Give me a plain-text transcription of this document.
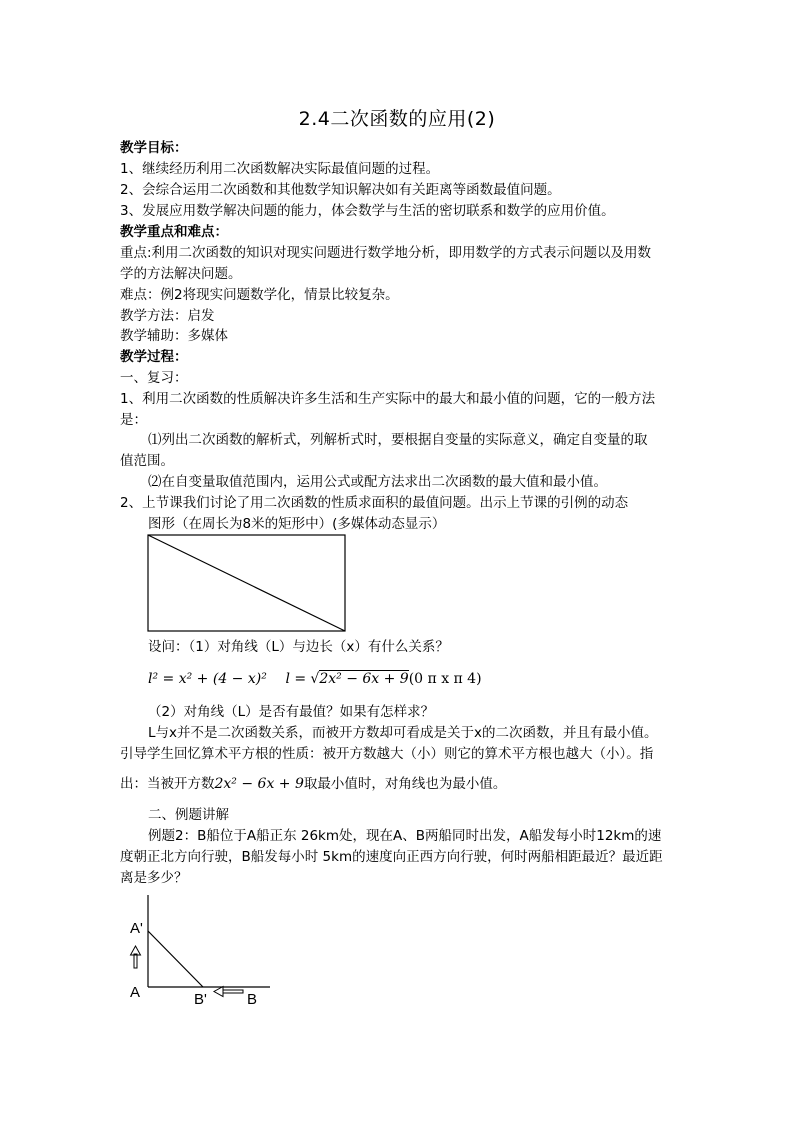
2.4二次函数的应用(2)
教学目标：
1、继续经历利用二次函数解决实际最值问题的过程。
2、会综合运用二次函数和其他数学知识解决如有关距离等函数最值问题。
3、发展应用数学解决问题的能力，体会数学与生活的密切联系和数学的应用价值。
教学重点和难点：
重点:利用二次函数的知识对现实问题进行数学地分析，即用数学的方式表示问题以及用数
学的方法解决问题。
难点：例2将现实问题数学化，情景比较复杂。
教学方法：启发
教学辅助：多媒体
教学过程：
一、复习：
1、利用二次函数的性质解决许多生活和生产实际中的最大和最小值的问题，它的一般方法
是：
⑴列出二次函数的解析式，列解析式时，要根据自变量的实际意义，确定自变量的取
值范围。
⑵在自变量取值范围内，运用公式或配方法求出二次函数的最大值和最小值。
2、上节课我们讨论了用二次函数的性质求面积的最值问题。出示上节课的引例的动态
图形（在周长为8米的矩形中）(多媒体动态显示）
设问：（1）对角线（L）与边长（x）有什么关系？
l² = x² + (4 − x)² l = √2x² − 6x + 9(0 π x π 4)
（2）对角线（L）是否有最值？如果有怎样求？
L与x并不是二次函数关系，而被开方数却可看成是关于x的二次函数，并且有最小值。
引导学生回忆算术平方根的性质：被开方数越大（小）则它的算术平方根也越大（小）。指
出：当被开方数2x² − 6x + 9取最小值时，对角线也为最小值。
二、例题讲解
例题2：B船位于A船正东 26km处，现在A、B两船同时出发，A船发每小时12km的速
度朝正北方向行驶，B船发每小时 5km的速度向正西方向行驶，何时两船相距最近？最近距
离是多少？
A'
A	B'	B
